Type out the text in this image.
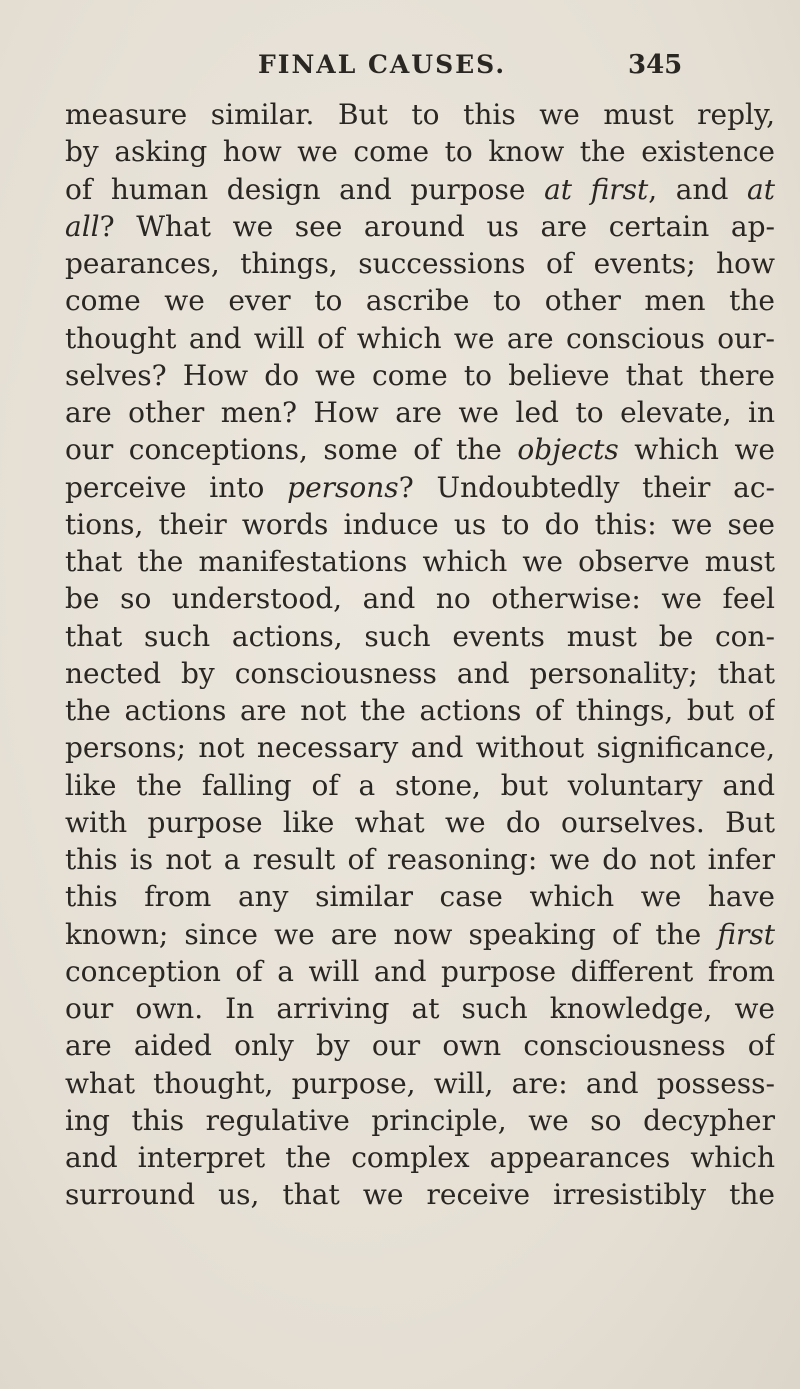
FINAL CAUSES.	345
measure similar. But to this we must reply,
by asking how we come to know the existence
of human design and purpose at first, and at
all? What we see around us are certain ap-
pearances, things, successions of events; how
come we ever to ascribe to other men the
thought and will of which we are conscious our-
selves? How do we come to believe that there
are other men? How are we led to elevate, in
our conceptions, some of the objects which we
perceive into persons? Undoubtedly their ac-
tions, their words induce us to do this: we see
that the manifestations which we observe must
be so understood, and no otherwise: we feel
that such actions, such events must be con-
nected by consciousness and personality; that
the actions are not the actions of things, but of
persons; not necessary and without significance,
like the falling of a stone, but voluntary and
with purpose like what we do ourselves. But
this is not a result of reasoning: we do not infer
this from any similar case which we have
known; since we are now speaking of the first
conception of a will and purpose different from
our own. In arriving at such knowledge, we
are aided only by our own consciousness of
what thought, purpose, will, are: and possess-
ing this regulative principle, we so decypher
and interpret the complex appearances which
surround us, that we receive irresistibly the
